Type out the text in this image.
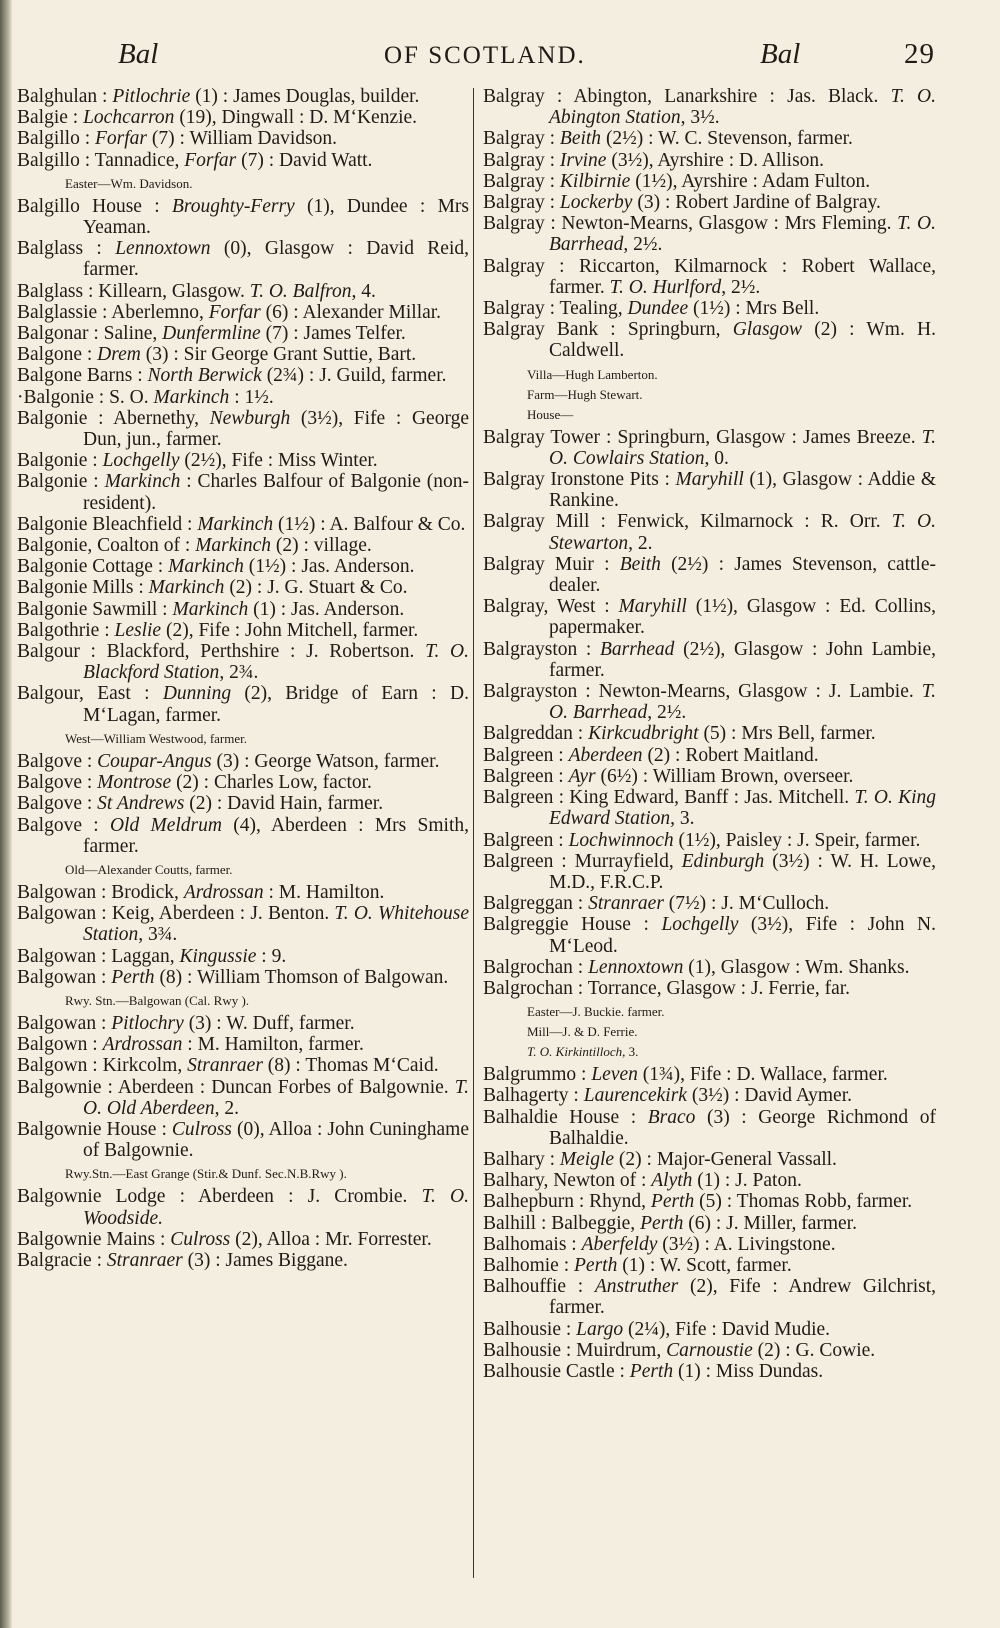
Bal	OF SCOTLAND.	Bal	29
Balghulan : Pitlochrie (1) : James Douglas, builder.
Balgie : Lochcarron (19), Dingwall : D. M‘Kenzie.
Balgillo : Forfar (7) : William Davidson.
Balgillo : Tannadice, Forfar (7) : David Watt.
Easter—Wm. Davidson.
Balgillo House : Broughty-Ferry (1), Dundee : Mrs Yeaman.
Balglass : Lennoxtown (0), Glasgow : David Reid, farmer.
Balglass : Killearn, Glasgow. T. O. Balfron, 4.
Balglassie : Aberlemno, Forfar (6) : Alexander Millar.
Balgonar : Saline, Dunfermline (7) : James Telfer.
Balgone : Drem (3) : Sir George Grant Suttie, Bart.
Balgone Barns : North Berwick (2¾) : J. Guild, farmer.
·Balgonie : S. O. Markinch : 1½.
Balgonie : Abernethy, Newburgh (3½), Fife : George Dun, jun., farmer.
Balgonie : Lochgelly (2½), Fife : Miss Winter.
Balgonie : Markinch : Charles Balfour of Balgonie (non-resident).
Balgonie Bleachfield : Markinch (1½) : A. Balfour & Co.
Balgonie, Coalton of : Markinch (2) : village.
Balgonie Cottage : Markinch (1½) : Jas. Anderson.
Balgonie Mills : Markinch (2) : J. G. Stuart & Co.
Balgonie Sawmill : Markinch (1) : Jas. Anderson.
Balgothrie : Leslie (2), Fife : John Mitchell, farmer.
Balgour : Blackford, Perthshire : J. Robertson. T. O. Blackford Station, 2¾.
Balgour, East : Dunning (2), Bridge of Earn : D. M‘Lagan, farmer.
West—William Westwood, farmer.
Balgove : Coupar-Angus (3) : George Watson, farmer.
Balgove : Montrose (2) : Charles Low, factor.
Balgove : St Andrews (2) : David Hain, farmer.
Balgove : Old Meldrum (4), Aberdeen : Mrs Smith, farmer.
Old—Alexander Coutts, farmer.
Balgowan : Brodick, Ardrossan : M. Hamilton.
Balgowan : Keig, Aberdeen : J. Benton. T. O. Whitehouse Station, 3¾.
Balgowan : Laggan, Kingussie : 9.
Balgowan : Perth (8) : William Thomson of Balgowan.
Rwy. Stn.—Balgowan (Cal. Rwy ).
Balgowan : Pitlochry (3) : W. Duff, farmer.
Balgown : Ardrossan : M. Hamilton, farmer.
Balgown : Kirkcolm, Stranraer (8) : Thomas M‘Caid.
Balgownie : Aberdeen : Duncan Forbes of Balgownie. T. O. Old Aberdeen, 2.
Balgownie House : Culross (0), Alloa : John Cuninghame of Balgownie.
Rwy.Stn.—East Grange (Stir.& Dunf. Sec.N.B.Rwy ).
Balgownie Lodge : Aberdeen : J. Crombie. T. O. Woodside.
Balgownie Mains : Culross (2), Alloa : Mr. Forrester.
Balgracie : Stranraer (3) : James Biggane.
Balgray : Abington, Lanarkshire : Jas. Black. T. O. Abington Station, 3½.
Balgray : Beith (2½) : W. C. Stevenson, farmer.
Balgray : Irvine (3½), Ayrshire : D. Allison.
Balgray : Kilbirnie (1½), Ayrshire : Adam Fulton.
Balgray : Lockerby (3) : Robert Jardine of Balgray.
Balgray : Newton-Mearns, Glasgow : Mrs Fleming. T. O. Barrhead, 2½.
Balgray : Riccarton, Kilmarnock : Robert Wallace, farmer. T. O. Hurlford, 2½.
Balgray : Tealing, Dundee (1½) : Mrs Bell.
Balgray Bank : Springburn, Glasgow (2) : Wm. H. Caldwell.
Villa—Hugh Lamberton.
Farm—Hugh Stewart.
House—
Balgray Tower : Springburn, Glasgow : James Breeze. T. O. Cowlairs Station, 0.
Balgray Ironstone Pits : Maryhill (1), Glasgow : Addie & Rankine.
Balgray Mill : Fenwick, Kilmarnock : R. Orr. T. O. Stewarton, 2.
Balgray Muir : Beith (2½) : James Stevenson, cattle-dealer.
Balgray, West : Maryhill (1½), Glasgow : Ed. Collins, papermaker.
Balgrayston : Barrhead (2½), Glasgow : John Lambie, farmer.
Balgrayston : Newton-Mearns, Glasgow : J. Lambie. T. O. Barrhead, 2½.
Balgreddan : Kirkcudbright (5) : Mrs Bell, farmer.
Balgreen : Aberdeen (2) : Robert Maitland.
Balgreen : Ayr (6½) : William Brown, overseer.
Balgreen : King Edward, Banff : Jas. Mitchell. T. O. King Edward Station, 3.
Balgreen : Lochwinnoch (1½), Paisley : J. Speir, farmer.
Balgreen : Murrayfield, Edinburgh (3½) : W. H. Lowe, M.D., F.R.C.P.
Balgreggan : Stranraer (7½) : J. M‘Culloch.
Balgreggie House : Lochgelly (3½), Fife : John N. M‘Leod.
Balgrochan : Lennoxtown (1), Glasgow : Wm. Shanks.
Balgrochan : Torrance, Glasgow : J. Ferrie, far.
Easter—J. Buckie. farmer.
Mill—J. & D. Ferrie.
T. O. Kirkintilloch, 3.
Balgrummo : Leven (1¾), Fife : D. Wallace, farmer.
Balhagerty : Laurencekirk (3½) : David Aymer.
Balhaldie House : Braco (3) : George Richmond of Balhaldie.
Balhary : Meigle (2) : Major-General Vassall.
Balhary, Newton of : Alyth (1) : J. Paton.
Balhepburn : Rhynd, Perth (5) : Thomas Robb, farmer.
Balhill : Balbeggie, Perth (6) : J. Miller, farmer.
Balhomais : Aberfeldy (3½) : A. Livingstone.
Balhomie : Perth (1) : W. Scott, farmer.
Balhouffie : Anstruther (2), Fife : Andrew Gilchrist, farmer.
Balhousie : Largo (2¼), Fife : David Mudie.
Balhousie : Muirdrum, Carnoustie (2) : G. Cowie.
Balhousie Castle : Perth (1) : Miss Dundas.
